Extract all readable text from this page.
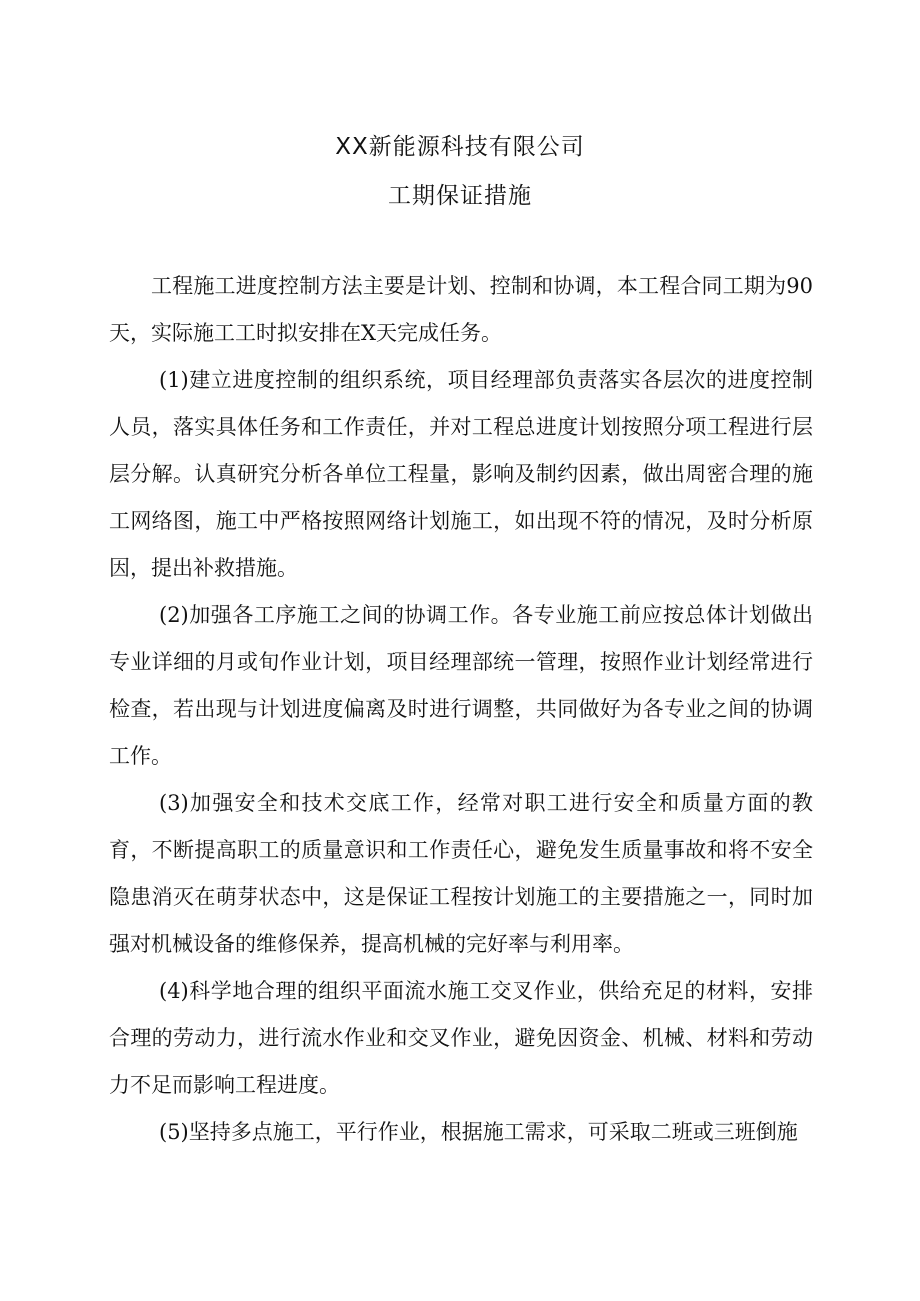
XX新能源科技有限公司
工期保证措施

工程施工进度控制方法主要是计划、控制和协调，本工程合同工期为90天，实际施工工时拟安排在X天完成任务。

(1)建立进度控制的组织系统，项目经理部负责落实各层次的进度控制人员，落实具体任务和工作责任，并对工程总进度计划按照分项工程进行层层分解。认真研究分析各单位工程量，影响及制约因素，做出周密合理的施工网络图，施工中严格按照网络计划施工，如出现不符的情况，及时分析原因，提出补救措施。

(2)加强各工序施工之间的协调工作。各专业施工前应按总体计划做出专业详细的月或旬作业计划，项目经理部统一管理，按照作业计划经常进行检查，若出现与计划进度偏离及时进行调整，共同做好为各专业之间的协调工作。

(3)加强安全和技术交底工作，经常对职工进行安全和质量方面的教育，不断提高职工的质量意识和工作责任心，避免发生质量事故和将不安全隐患消灭在萌芽状态中，这是保证工程按计划施工的主要措施之一，同时加强对机械设备的维修保养，提高机械的完好率与利用率。

(4)科学地合理的组织平面流水施工交叉作业，供给充足的材料，安排合理的劳动力，进行流水作业和交叉作业，避免因资金、机械、材料和劳动力不足而影响工程进度。

(5)坚持多点施工，平行作业，根据施工需求，可采取二班或三班倒施
